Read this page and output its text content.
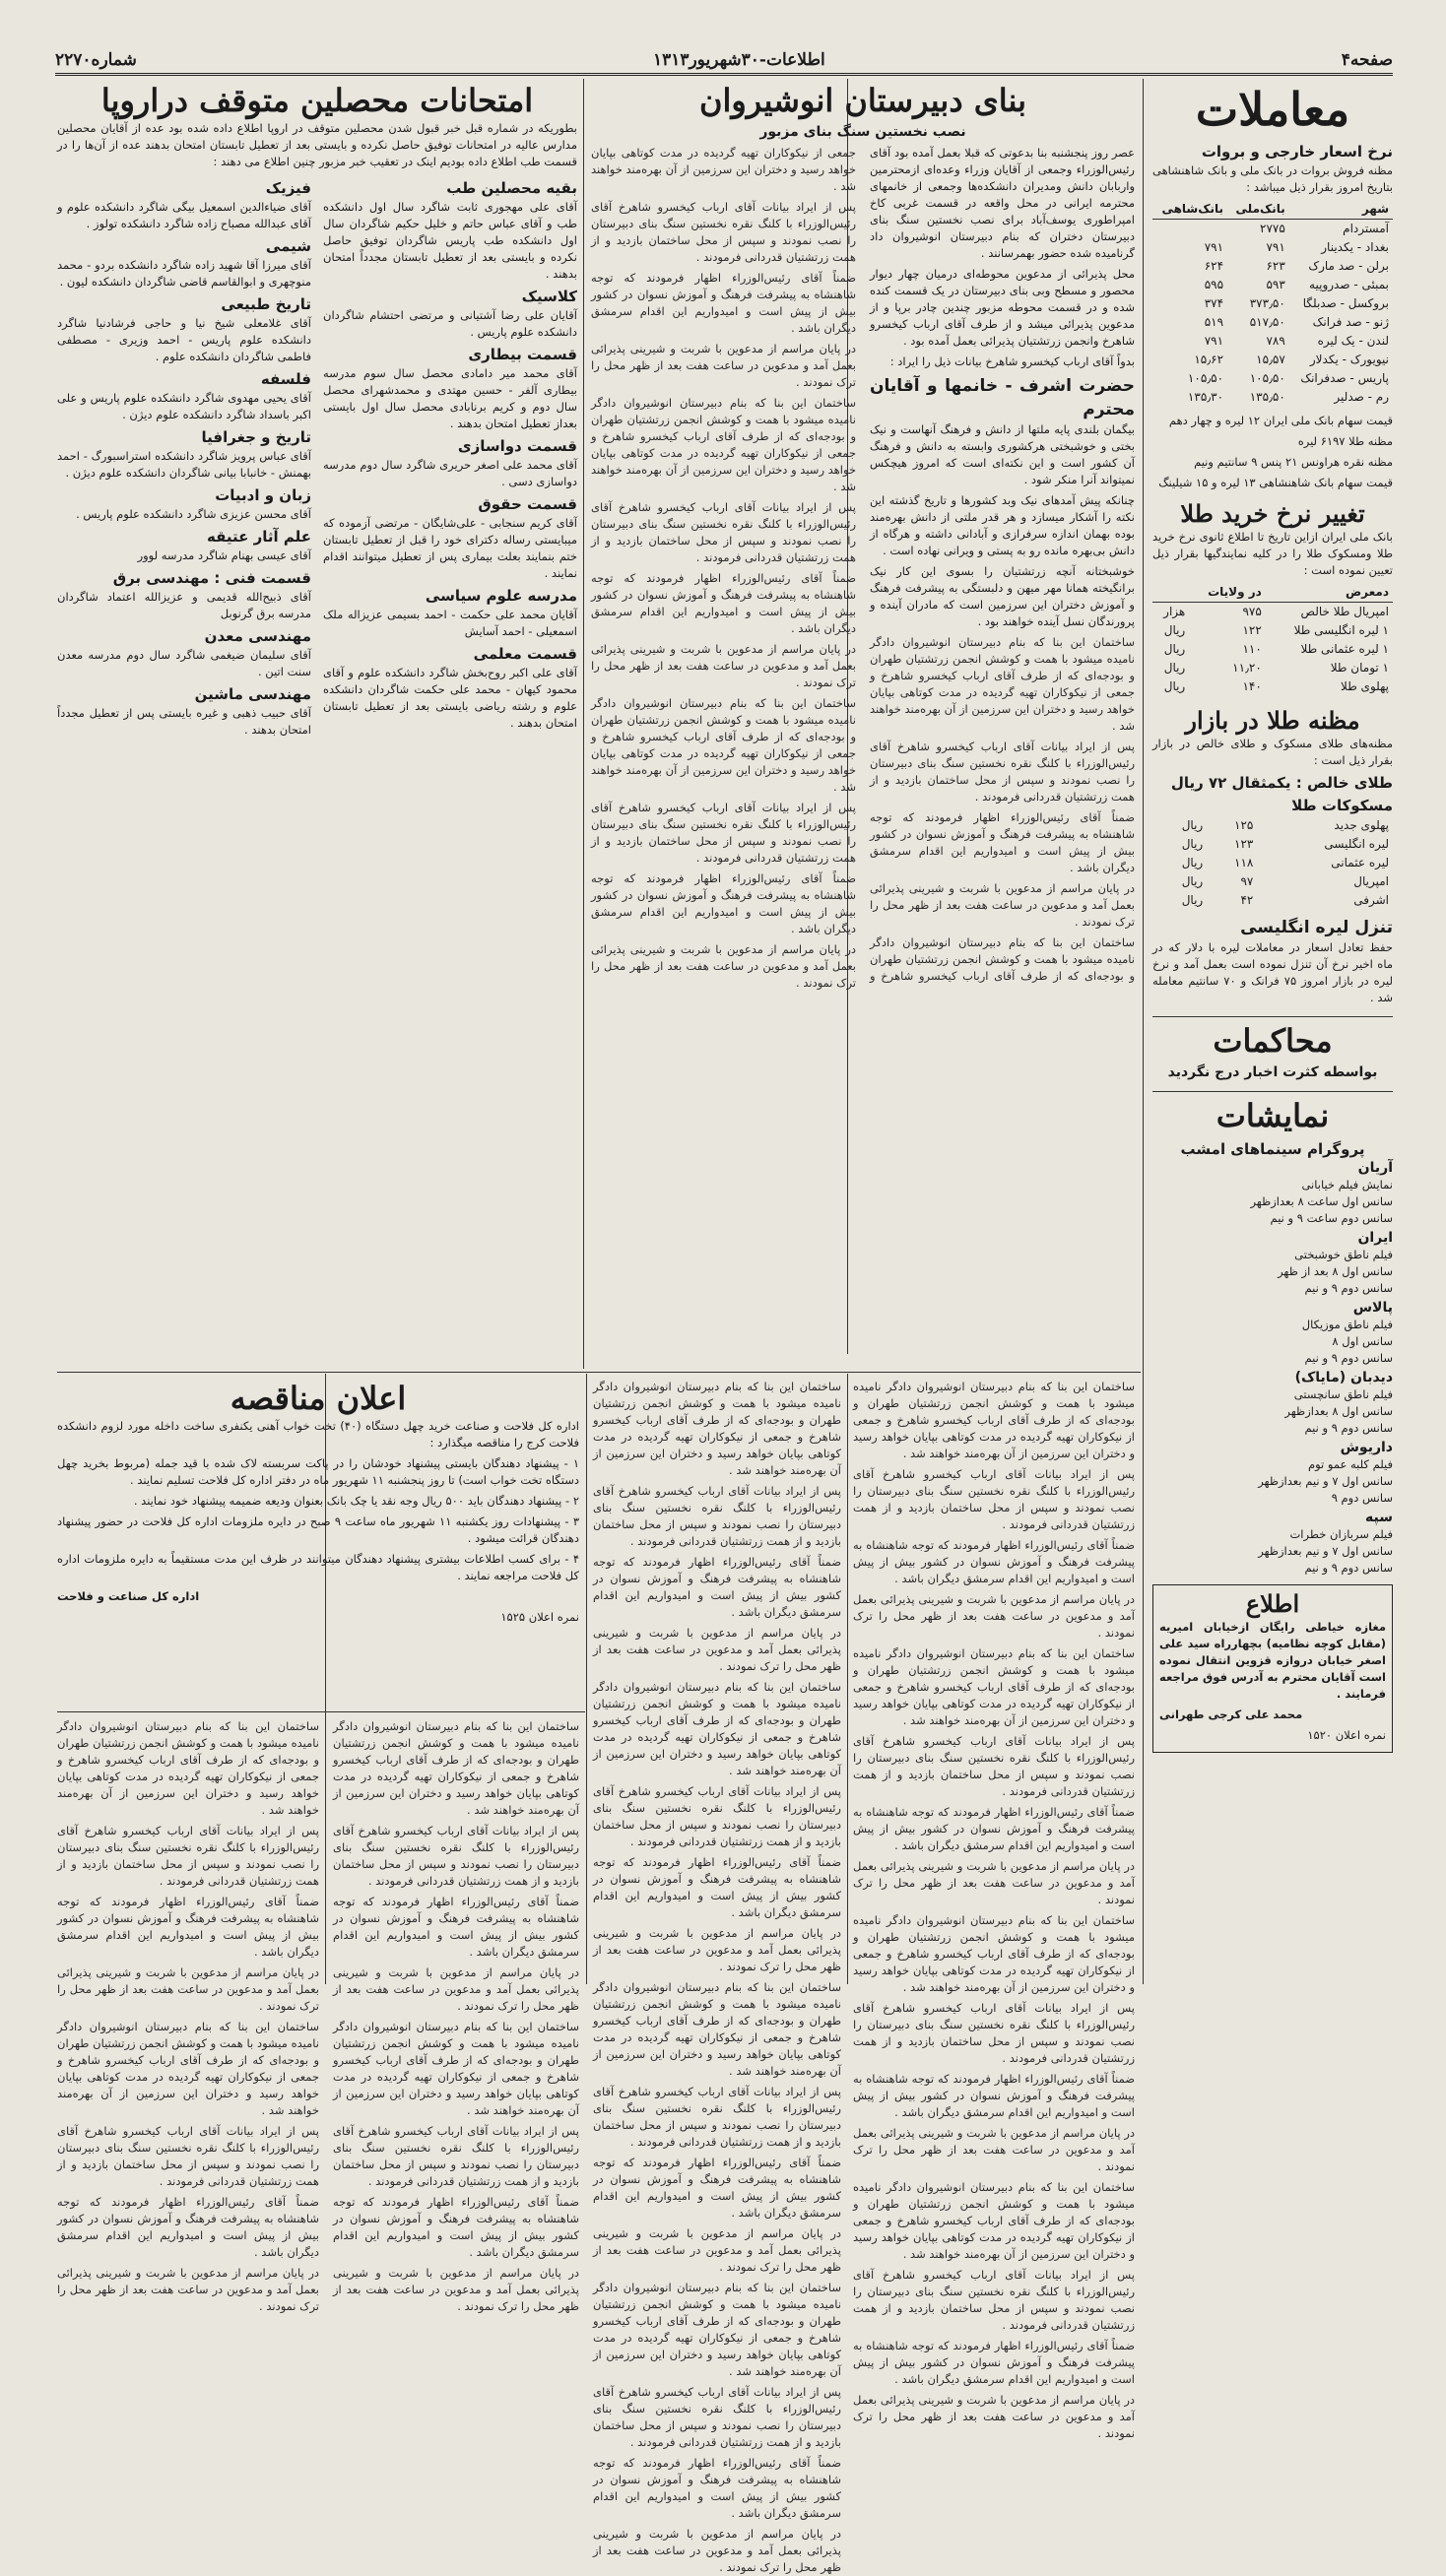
صفحه۴
اطلاعات-۳۰شهریور۱۳۱۳
شماره۲۲۷۰
معاملات
نرخ اسعار خارجی و بروات

مظنه فروش بروات در بانک ملی و بانک شاهنشاهی بتاریخ امروز بقرار ذیل میباشد :

شهر	بانک‌ملی	بانک‌شاهی
آمستردام	۲۷۷۵	
بغداد - یکدینار	۷۹۱	۷۹۱
برلن - صد مارک	۶۲۳	۶۲۴
بمبئی - صدروپیه	۵۹۳	۵۹۵
بروکسل - صدبلگا	۳۷۳٫۵۰	۳۷۴
ژنو - صد فرانک	۵۱۷٫۵۰	۵۱۹
لندن - یک لیره	۷۸۹	۷۹۱
نیویورک - یکدلار	۱۵٫۵۷	۱۵٫۶۲
پاریس - صدفرانک	۱۰۵٫۵۰	۱۰۵٫۵۰
رم - صدلیر	۱۳۵٫۵۰	۱۳۵٫۳۰

قیمت سهام بانک ملی ایران ۱۲ لیره و چهار دهم

مظنه طلا ۶۱۹۷ لیره

مظنه نقره هراونس ۲۱ پنس ۹ سانتیم ونیم

قیمت سهام بانک شاهنشاهی ۱۳ لیره و ۱۵ شیلینگ

تغییر نرخ خرید طلا

بانک ملی ایران ازاین تاریخ تا اطلاع ثانوی نرخ خرید طلا ومسکوک طلا را در کلیه نمایندگیها بقرار ذیل تعیین نموده است :

دمعرض	در ولایات	
امپریال طلا خالص	۹۷۵	هزار
۱ لیره انگلیسی طلا	۱۲۲	ریال
۱ لیره عثمانی طلا	۱۱۰	ریال
۱ تومان طلا	۱۱٫۲۰	ریال
پهلوی طلا	۱۴۰	ریال
مظنه طلا در بازار

مظنه‌های طلای مسکوک و طلای خالص در بازار بقرار ذیل است :

طلای خالص : یکمثقال ۷۲ ریال

مسکوکات طلا

پهلوی جدید	۱۲۵	ریال
لیره انگلیسی	۱۲۳	ریال
لیره عثمانی	۱۱۸	ریال
امپریال	۹۷	ریال
اشرفی	۴۲	ریال
تنزل لیره انگلیسی

حفظ تعادل اسعار در معاملات لیره با دلار که در ماه اخیر نرخ آن تنزل نموده است بعمل آمد و نرخ لیره در بازار امروز ۷۵ فرانک و ۷۰ سانتیم معامله شد .

محاکمات
بواسطه کثرت اخبار درج نگردید
نمایشات
پروگرام سینماهای امشب
آریان
نمایش فیلم خیابانی
سانس اول ساعت ۸ بعدازظهر
سانس دوم ساعت ۹ و نیم
ایران
فیلم ناطق خوشبختی
سانس اول ۸ بعد از ظهر
سانس دوم ۹ و نیم
پالاس
فیلم ناطق موزیکال
سانس اول ۸
سانس دوم ۹ و نیم
دیدبان (مایاک)
فیلم ناطق سانچستی
سانس اول ۸ بعدازظهر
سانس دوم ۹ و نیم
داریوش
فیلم کلبه عمو توم
سانس اول ۷ و نیم بعدازظهر
سانس دوم ۹
سپه
فیلم سربازان خطرات
سانس اول ۷ و نیم بعدازظهر
سانس دوم ۹ و نیم
اطلاع

مغازه خیاطی رایگان ازخیابان امیریه (مقابل کوچه نظامیه) بچهارراه سید علی اصغر خیابان دروازه قزوین انتقال نموده است آقایان محترم به آدرس فوق مراجعه فرمایند .

محمد علی کرجی طهرانی

نمره اعلان ۱۵۲۰

بنای دبیرستان انوشیروان
نصب نخستین سنگ بنای مزبور

عصر روز پنجشنبه بنا بدعوتی که قبلا بعمل آمده بود آقای رئیس‌الوزراء وجمعی از آقایان وزراء وعده‌ای ازمحترمین واربابان دانش ومدیران دانشکده‌ها وجمعی از خانمهای محترمه ایرانی در محل واقعه در قسمت غربی کاخ امپراطوری یوسف‌آباد برای نصب نخستین سنگ بنای دبیرستان دختران که بنام دبیرستان انوشیروان داد گرنامیده شده حضور بهمرسانند .

محل پذیرائی از مدعوین محوطه‌ای درمیان چهار دیوار محصور و مسطح وبی بنای دبیرستان در یک قسمت کنده شده و در قسمت محوطه مزبور چندین چادر برپا و از مدعوین پذیرائی میشد و از طرف آقای ارباب کیخسرو شاهرخ وانجمن زرتشتیان پذیرائی بعمل آمده بود .

بدواً آقای ارباب کیخسرو شاهرخ بیانات ذیل را ایراد :

حضرت اشرف - خانمها و آقایان محترم

بیگمان بلندی پایه ملتها از دانش و فرهنگ آنهاست و نیک بختی و خوشبختی هرکشوری وابسته به دانش و فرهنگ آن کشور است و این نکته‌ای است که امروز هیچکس نمیتواند آنرا منکر شود .

چنانکه پیش آمدهای نیک وبد کشورها و تاریخ گذشته این نکته را آشکار میسازد و هر قدر ملتی از دانش بهره‌مند بوده بهمان اندازه سرفرازی و آبادانی داشته و هرگاه از دانش بی‌بهره مانده رو به پستی و ویرانی نهاده است .

خوشبختانه آنچه زرتشتیان را بسوی این کار نیک برانگیخته همانا مهر میهن و دلبستگی به پیشرفت فرهنگ و آموزش دختران این سرزمین است که مادران آینده و پرورندگان نسل آینده خواهند بود .

ساختمان این بنا که بنام دبیرستان انوشیروان دادگر نامیده میشود با همت و کوشش انجمن زرتشتیان طهران و بودجه‌ای که از طرف آقای ارباب کیخسرو شاهرخ و جمعی از نیکوکاران تهیه گردیده در مدت کوتاهی بپایان خواهد رسید و دختران این سرزمین از آن بهره‌مند خواهند شد .

پس از ایراد بیانات آقای ارباب کیخسرو شاهرخ آقای رئیس‌الوزراء با کلنگ نقره نخستین سنگ بنای دبیرستان را نصب نمودند و سپس از محل ساختمان بازدید و از همت زرتشتیان قدردانی فرمودند .

ضمناً آقای رئیس‌الوزراء اظهار فرمودند که توجه شاهنشاه به پیشرفت فرهنگ و آموزش نسوان در کشور بیش از پیش است و امیدواریم این اقدام سرمشق دیگران باشد .

در پایان مراسم از مدعوین با شربت و شیرینی پذیرائی بعمل آمد و مدعوین در ساعت هفت بعد از ظهر محل را ترک نمودند .

ساختمان این بنا که بنام دبیرستان انوشیروان دادگر نامیده میشود با همت و کوشش انجمن زرتشتیان طهران و بودجه‌ای که از طرف آقای ارباب کیخسرو شاهرخ و جمعی از نیکوکاران تهیه گردیده در مدت کوتاهی بپایان خواهد رسید و دختران این سرزمین از آن بهره‌مند خواهند شد .

پس از ایراد بیانات آقای ارباب کیخسرو شاهرخ آقای رئیس‌الوزراء با کلنگ نقره نخستین سنگ بنای دبیرستان را نصب نمودند و سپس از محل ساختمان بازدید و از همت زرتشتیان قدردانی فرمودند .

ضمناً آقای رئیس‌الوزراء اظهار فرمودند که توجه شاهنشاه به پیشرفت فرهنگ و آموزش نسوان در کشور بیش از پیش است و امیدواریم این اقدام سرمشق دیگران باشد .

در پایان مراسم از مدعوین با شربت و شیرینی پذیرائی بعمل آمد و مدعوین در ساعت هفت بعد از ظهر محل را ترک نمودند .

ساختمان این بنا که بنام دبیرستان انوشیروان دادگر نامیده میشود با همت و کوشش انجمن زرتشتیان طهران و بودجه‌ای که از طرف آقای ارباب کیخسرو شاهرخ و جمعی از نیکوکاران تهیه گردیده در مدت کوتاهی بپایان خواهد رسید و دختران این سرزمین از آن بهره‌مند خواهند شد .

پس از ایراد بیانات آقای ارباب کیخسرو شاهرخ آقای رئیس‌الوزراء با کلنگ نقره نخستین سنگ بنای دبیرستان را نصب نمودند و سپس از محل ساختمان بازدید و از همت زرتشتیان قدردانی فرمودند .

ضمناً آقای رئیس‌الوزراء اظهار فرمودند که توجه شاهنشاه به پیشرفت فرهنگ و آموزش نسوان در کشور بیش از پیش است و امیدواریم این اقدام سرمشق دیگران باشد .

در پایان مراسم از مدعوین با شربت و شیرینی پذیرائی بعمل آمد و مدعوین در ساعت هفت بعد از ظهر محل را ترک نمودند .

ساختمان این بنا که بنام دبیرستان انوشیروان دادگر نامیده میشود با همت و کوشش انجمن زرتشتیان طهران و بودجه‌ای که از طرف آقای ارباب کیخسرو شاهرخ و جمعی از نیکوکاران تهیه گردیده در مدت کوتاهی بپایان خواهد رسید و دختران این سرزمین از آن بهره‌مند خواهند شد .

پس از ایراد بیانات آقای ارباب کیخسرو شاهرخ آقای رئیس‌الوزراء با کلنگ نقره نخستین سنگ بنای دبیرستان را نصب نمودند و سپس از محل ساختمان بازدید و از همت زرتشتیان قدردانی فرمودند .

ضمناً آقای رئیس‌الوزراء اظهار فرمودند که توجه شاهنشاه به پیشرفت فرهنگ و آموزش نسوان در کشور بیش از پیش است و امیدواریم این اقدام سرمشق دیگران باشد .

در پایان مراسم از مدعوین با شربت و شیرینی پذیرائی بعمل آمد و مدعوین در ساعت هفت بعد از ظهر محل را ترک نمودند .

امتحانات محصلین متوقف دراروپا

بطوریکه در شماره قبل خبر قبول شدن محصلین متوقف در اروپا اطلاع داده شده بود عده از آقایان محصلین مدارس عالیه در امتحانات توفیق حاصل نکرده و بایستی بعد از تعطیل تابستان امتحان بدهند عده از آن‌ها را در قسمت طب اطلاع داده بودیم اینک در تعقیب خبر مزبور چنین اطلاع می دهند :

بقیه محصلین طب

آقای علی مهجوری ثابت شاگرد سال اول دانشکده طب و آقای عباس حاتم و خلیل حکیم شاگردان سال اول دانشکده طب پاریس شاگردان توفیق حاصل نکرده و بایستی بعد از تعطیل تابستان مجدداً امتحان بدهند .

کلاسیک

آقایان علی رضا آشتیانی و مرتضی احتشام شاگردان دانشکده علوم پاریس .

قسمت بیطاری

آقای محمد میر دامادی محصل سال سوم مدرسه بیطاری آلفر - حسین مهتدی و محمدشهرای محصل سال دوم و کریم برنابادی محصل سال اول بایستی بعداز تعطیل امتحان بدهند .

قسمت دواسازی

آقای محمد علی اصغر حریری شاگرد سال دوم مدرسه دواسازی دسی .

قسمت حقوق

آقای کریم سنجابی - علی‌شایگان - مرتضی آزموده که میبایستی رساله دکترای خود را قبل از تعطیل تابستان ختم بنمایند بعلت بیماری پس از تعطیل میتوانند اقدام نمایند .

مدرسه علوم سیاسی

آقایان محمد علی حکمت - احمد بسیمی عزیزاله ملک اسمعیلی - احمد آسایش

قسمت معلمی

آقای علی اکبر روح‌بخش شاگرد دانشکده علوم و آقای محمود کیهان - محمد علی حکمت شاگردان دانشکده علوم و رشته ریاضی بایستی بعد از تعطیل تابستان امتحان بدهند .

فیزیک

آقای ضیاءالدین اسمعیل بیگی شاگرد دانشکده علوم و آقای عبدالله مصباح زاده شاگرد دانشکده تولوز .

شیمی

آقای میرزا آقا شهید زاده شاگرد دانشکده بردو - محمد منوچهری و ابوالقاسم قاضی شاگردان دانشکده لیون .

تاریخ طبیعی

آقای غلامعلی شیخ نیا و حاجی فرشادنیا شاگرد دانشکده علوم پاریس - احمد وزیری - مصطفی فاطمی شاگردان دانشکده علوم .

فلسفه

آقای یحیی مهدوی شاگرد دانشکده علوم پاریس و علی اکبر باسداد شاگرد دانشکده علوم دیژن .

تاریخ و جغرافیا

آقای عباس پرویز شاگرد دانشکده استراسبورگ - احمد بهمنش - خانبابا بیانی شاگردان دانشکده علوم دیژن .

زبان و ادبیات

آقای محسن عزیزی شاگرد دانشکده علوم پاریس .

علم آثار عتیقه

آقای عیسی بهنام شاگرد مدرسه لوور

قسمت فنی : مهندسی برق

آقای ذبیح‌الله قدیمی و عزیزالله اعتماد شاگردان مدرسه برق گرنوبل

مهندسی معدن

آقای سلیمان ضیغمی شاگرد سال دوم مدرسه معدن سنت اتین .

مهندسی ماشین

آقای حبیب ذهبی و غیره بایستی پس از تعطیل مجدداً امتحان بدهند .

اعلان مناقصه

اداره کل فلاحت و صناعت خرید چهل دستگاه (۴۰) تخت خواب آهنی یکنفری ساخت داخله مورد لزوم دانشکده فلاحت کرج را مناقصه میگذارد :

۱ - پیشنهاد دهندگان بایستی پیشنهاد خودشان را در پاکت سربسته لاک شده با قید جمله (مربوط بخرید چهل دستگاه تخت خواب است) تا روز پنجشنبه ۱۱ شهریور ماه در دفتر اداره کل فلاحت تسلیم نمایند .

۲ - پیشنهاد دهندگان باید ۵۰۰ ریال وجه نقد یا چک بانک بعنوان ودیعه ضمیمه پیشنهاد خود نمایند .

۳ - پیشنهادات روز یکشنبه ۱۱ شهریور ماه ساعت ۹ صبح در دایره ملزومات اداره کل فلاحت در حضور پیشنهاد دهندگان قرائت میشود .

۴ - برای کسب اطلاعات بیشتری پیشنهاد دهندگان میتوانند در ظرف این مدت مستقیماً به دایره ملزومات اداره کل فلاحت مراجعه نمایند .

اداره کل صناعت و فلاحت

نمره اعلان ۱۵۲۵

ساختمان این بنا که بنام دبیرستان انوشیروان دادگر نامیده میشود با همت و کوشش انجمن زرتشتیان طهران و بودجه‌ای که از طرف آقای ارباب کیخسرو شاهرخ و جمعی از نیکوکاران تهیه گردیده در مدت کوتاهی بپایان خواهد رسید و دختران این سرزمین از آن بهره‌مند خواهند شد .

پس از ایراد بیانات آقای ارباب کیخسرو شاهرخ آقای رئیس‌الوزراء با کلنگ نقره نخستین سنگ بنای دبیرستان را نصب نمودند و سپس از محل ساختمان بازدید و از همت زرتشتیان قدردانی فرمودند .

ضمناً آقای رئیس‌الوزراء اظهار فرمودند که توجه شاهنشاه به پیشرفت فرهنگ و آموزش نسوان در کشور بیش از پیش است و امیدواریم این اقدام سرمشق دیگران باشد .

در پایان مراسم از مدعوین با شربت و شیرینی پذیرائی بعمل آمد و مدعوین در ساعت هفت بعد از ظهر محل را ترک نمودند .

ساختمان این بنا که بنام دبیرستان انوشیروان دادگر نامیده میشود با همت و کوشش انجمن زرتشتیان طهران و بودجه‌ای که از طرف آقای ارباب کیخسرو شاهرخ و جمعی از نیکوکاران تهیه گردیده در مدت کوتاهی بپایان خواهد رسید و دختران این سرزمین از آن بهره‌مند خواهند شد .

پس از ایراد بیانات آقای ارباب کیخسرو شاهرخ آقای رئیس‌الوزراء با کلنگ نقره نخستین سنگ بنای دبیرستان را نصب نمودند و سپس از محل ساختمان بازدید و از همت زرتشتیان قدردانی فرمودند .

ضمناً آقای رئیس‌الوزراء اظهار فرمودند که توجه شاهنشاه به پیشرفت فرهنگ و آموزش نسوان در کشور بیش از پیش است و امیدواریم این اقدام سرمشق دیگران باشد .

در پایان مراسم از مدعوین با شربت و شیرینی پذیرائی بعمل آمد و مدعوین در ساعت هفت بعد از ظهر محل را ترک نمودند .

ساختمان این بنا که بنام دبیرستان انوشیروان دادگر نامیده میشود با همت و کوشش انجمن زرتشتیان طهران و بودجه‌ای که از طرف آقای ارباب کیخسرو شاهرخ و جمعی از نیکوکاران تهیه گردیده در مدت کوتاهی بپایان خواهد رسید و دختران این سرزمین از آن بهره‌مند خواهند شد .

پس از ایراد بیانات آقای ارباب کیخسرو شاهرخ آقای رئیس‌الوزراء با کلنگ نقره نخستین سنگ بنای دبیرستان را نصب نمودند و سپس از محل ساختمان بازدید و از همت زرتشتیان قدردانی فرمودند .

ضمناً آقای رئیس‌الوزراء اظهار فرمودند که توجه شاهنشاه به پیشرفت فرهنگ و آموزش نسوان در کشور بیش از پیش است و امیدواریم این اقدام سرمشق دیگران باشد .

در پایان مراسم از مدعوین با شربت و شیرینی پذیرائی بعمل آمد و مدعوین در ساعت هفت بعد از ظهر محل را ترک نمودند .

ساختمان این بنا که بنام دبیرستان انوشیروان دادگر نامیده میشود با همت و کوشش انجمن زرتشتیان طهران و بودجه‌ای که از طرف آقای ارباب کیخسرو شاهرخ و جمعی از نیکوکاران تهیه گردیده در مدت کوتاهی بپایان خواهد رسید و دختران این سرزمین از آن بهره‌مند خواهند شد .

پس از ایراد بیانات آقای ارباب کیخسرو شاهرخ آقای رئیس‌الوزراء با کلنگ نقره نخستین سنگ بنای دبیرستان را نصب نمودند و سپس از محل ساختمان بازدید و از همت زرتشتیان قدردانی فرمودند .

ضمناً آقای رئیس‌الوزراء اظهار فرمودند که توجه شاهنشاه به پیشرفت فرهنگ و آموزش نسوان در کشور بیش از پیش است و امیدواریم این اقدام سرمشق دیگران باشد .

در پایان مراسم از مدعوین با شربت و شیرینی پذیرائی بعمل آمد و مدعوین در ساعت هفت بعد از ظهر محل را ترک نمودند .

ساختمان این بنا که بنام دبیرستان انوشیروان دادگر نامیده میشود با همت و کوشش انجمن زرتشتیان طهران و بودجه‌ای که از طرف آقای ارباب کیخسرو شاهرخ و جمعی از نیکوکاران تهیه گردیده در مدت کوتاهی بپایان خواهد رسید و دختران این سرزمین از آن بهره‌مند خواهند شد .

پس از ایراد بیانات آقای ارباب کیخسرو شاهرخ آقای رئیس‌الوزراء با کلنگ نقره نخستین سنگ بنای دبیرستان را نصب نمودند و سپس از محل ساختمان بازدید و از همت زرتشتیان قدردانی فرمودند .

ضمناً آقای رئیس‌الوزراء اظهار فرمودند که توجه شاهنشاه به پیشرفت فرهنگ و آموزش نسوان در کشور بیش از پیش است و امیدواریم این اقدام سرمشق دیگران باشد .

در پایان مراسم از مدعوین با شربت و شیرینی پذیرائی بعمل آمد و مدعوین در ساعت هفت بعد از ظهر محل را ترک نمودند .

ساختمان این بنا که بنام دبیرستان انوشیروان دادگر نامیده میشود با همت و کوشش انجمن زرتشتیان طهران و بودجه‌ای که از طرف آقای ارباب کیخسرو شاهرخ و جمعی از نیکوکاران تهیه گردیده در مدت کوتاهی بپایان خواهد رسید و دختران این سرزمین از آن بهره‌مند خواهند شد .

پس از ایراد بیانات آقای ارباب کیخسرو شاهرخ آقای رئیس‌الوزراء با کلنگ نقره نخستین سنگ بنای دبیرستان را نصب نمودند و سپس از محل ساختمان بازدید و از همت زرتشتیان قدردانی فرمودند .

ضمناً آقای رئیس‌الوزراء اظهار فرمودند که توجه شاهنشاه به پیشرفت فرهنگ و آموزش نسوان در کشور بیش از پیش است و امیدواریم این اقدام سرمشق دیگران باشد .

در پایان مراسم از مدعوین با شربت و شیرینی پذیرائی بعمل آمد و مدعوین در ساعت هفت بعد از ظهر محل را ترک نمودند .

ساختمان این بنا که بنام دبیرستان انوشیروان دادگر نامیده میشود با همت و کوشش انجمن زرتشتیان طهران و بودجه‌ای که از طرف آقای ارباب کیخسرو شاهرخ و جمعی از نیکوکاران تهیه گردیده در مدت کوتاهی بپایان خواهد رسید و دختران این سرزمین از آن بهره‌مند خواهند شد .

پس از ایراد بیانات آقای ارباب کیخسرو شاهرخ آقای رئیس‌الوزراء با کلنگ نقره نخستین سنگ بنای دبیرستان را نصب نمودند و سپس از محل ساختمان بازدید و از همت زرتشتیان قدردانی فرمودند .

ضمناً آقای رئیس‌الوزراء اظهار فرمودند که توجه شاهنشاه به پیشرفت فرهنگ و آموزش نسوان در کشور بیش از پیش است و امیدواریم این اقدام سرمشق دیگران باشد .

در پایان مراسم از مدعوین با شربت و شیرینی پذیرائی بعمل آمد و مدعوین در ساعت هفت بعد از ظهر محل را ترک نمودند .

ساختمان این بنا که بنام دبیرستان انوشیروان دادگر نامیده میشود با همت و کوشش انجمن زرتشتیان طهران و بودجه‌ای که از طرف آقای ارباب کیخسرو شاهرخ و جمعی از نیکوکاران تهیه گردیده در مدت کوتاهی بپایان خواهد رسید و دختران این سرزمین از آن بهره‌مند خواهند شد .

پس از ایراد بیانات آقای ارباب کیخسرو شاهرخ آقای رئیس‌الوزراء با کلنگ نقره نخستین سنگ بنای دبیرستان را نصب نمودند و سپس از محل ساختمان بازدید و از همت زرتشتیان قدردانی فرمودند .

ضمناً آقای رئیس‌الوزراء اظهار فرمودند که توجه شاهنشاه به پیشرفت فرهنگ و آموزش نسوان در کشور بیش از پیش است و امیدواریم این اقدام سرمشق دیگران باشد .

در پایان مراسم از مدعوین با شربت و شیرینی پذیرائی بعمل آمد و مدعوین در ساعت هفت بعد از ظهر محل را ترک نمودند .

ساختمان این بنا که بنام دبیرستان انوشیروان دادگر نامیده میشود با همت و کوشش انجمن زرتشتیان طهران و بودجه‌ای که از طرف آقای ارباب کیخسرو شاهرخ و جمعی از نیکوکاران تهیه گردیده در مدت کوتاهی بپایان خواهد رسید و دختران این سرزمین از آن بهره‌مند خواهند شد .

پس از ایراد بیانات آقای ارباب کیخسرو شاهرخ آقای رئیس‌الوزراء با کلنگ نقره نخستین سنگ بنای دبیرستان را نصب نمودند و سپس از محل ساختمان بازدید و از همت زرتشتیان قدردانی فرمودند .

ضمناً آقای رئیس‌الوزراء اظهار فرمودند که توجه شاهنشاه به پیشرفت فرهنگ و آموزش نسوان در کشور بیش از پیش است و امیدواریم این اقدام سرمشق دیگران باشد .

در پایان مراسم از مدعوین با شربت و شیرینی پذیرائی بعمل آمد و مدعوین در ساعت هفت بعد از ظهر محل را ترک نمودند .

ساختمان این بنا که بنام دبیرستان انوشیروان دادگر نامیده میشود با همت و کوشش انجمن زرتشتیان طهران و بودجه‌ای که از طرف آقای ارباب کیخسرو شاهرخ و جمعی از نیکوکاران تهیه گردیده در مدت کوتاهی بپایان خواهد رسید و دختران این سرزمین از آن بهره‌مند خواهند شد .

پس از ایراد بیانات آقای ارباب کیخسرو شاهرخ آقای رئیس‌الوزراء با کلنگ نقره نخستین سنگ بنای دبیرستان را نصب نمودند و سپس از محل ساختمان بازدید و از همت زرتشتیان قدردانی فرمودند .

ضمناً آقای رئیس‌الوزراء اظهار فرمودند که توجه شاهنشاه به پیشرفت فرهنگ و آموزش نسوان در کشور بیش از پیش است و امیدواریم این اقدام سرمشق دیگران باشد .

در پایان مراسم از مدعوین با شربت و شیرینی پذیرائی بعمل آمد و مدعوین در ساعت هفت بعد از ظهر محل را ترک نمودند .

ساختمان این بنا که بنام دبیرستان انوشیروان دادگر نامیده میشود با همت و کوشش انجمن زرتشتیان طهران و بودجه‌ای که از طرف آقای ارباب کیخسرو شاهرخ و جمعی از نیکوکاران تهیه گردیده در مدت کوتاهی بپایان خواهد رسید و دختران این سرزمین از آن بهره‌مند خواهند شد .

پس از ایراد بیانات آقای ارباب کیخسرو شاهرخ آقای رئیس‌الوزراء با کلنگ نقره نخستین سنگ بنای دبیرستان را نصب نمودند و سپس از محل ساختمان بازدید و از همت زرتشتیان قدردانی فرمودند .

ضمناً آقای رئیس‌الوزراء اظهار فرمودند که توجه شاهنشاه به پیشرفت فرهنگ و آموزش نسوان در کشور بیش از پیش است و امیدواریم این اقدام سرمشق دیگران باشد .

در پایان مراسم از مدعوین با شربت و شیرینی پذیرائی بعمل آمد و مدعوین در ساعت هفت بعد از ظهر محل را ترک نمودند .

ساختمان این بنا که بنام دبیرستان انوشیروان دادگر نامیده میشود با همت و کوشش انجمن زرتشتیان طهران و بودجه‌ای که از طرف آقای ارباب کیخسرو شاهرخ و جمعی از نیکوکاران تهیه گردیده در مدت کوتاهی بپایان خواهد رسید و دختران این سرزمین از آن بهره‌مند خواهند شد .

پس از ایراد بیانات آقای ارباب کیخسرو شاهرخ آقای رئیس‌الوزراء با کلنگ نقره نخستین سنگ بنای دبیرستان را نصب نمودند و سپس از محل ساختمان بازدید و از همت زرتشتیان قدردانی فرمودند .

ضمناً آقای رئیس‌الوزراء اظهار فرمودند که توجه شاهنشاه به پیشرفت فرهنگ و آموزش نسوان در کشور بیش از پیش است و امیدواریم این اقدام سرمشق دیگران باشد .

در پایان مراسم از مدعوین با شربت و شیرینی پذیرائی بعمل آمد و مدعوین در ساعت هفت بعد از ظهر محل را ترک نمودند .
